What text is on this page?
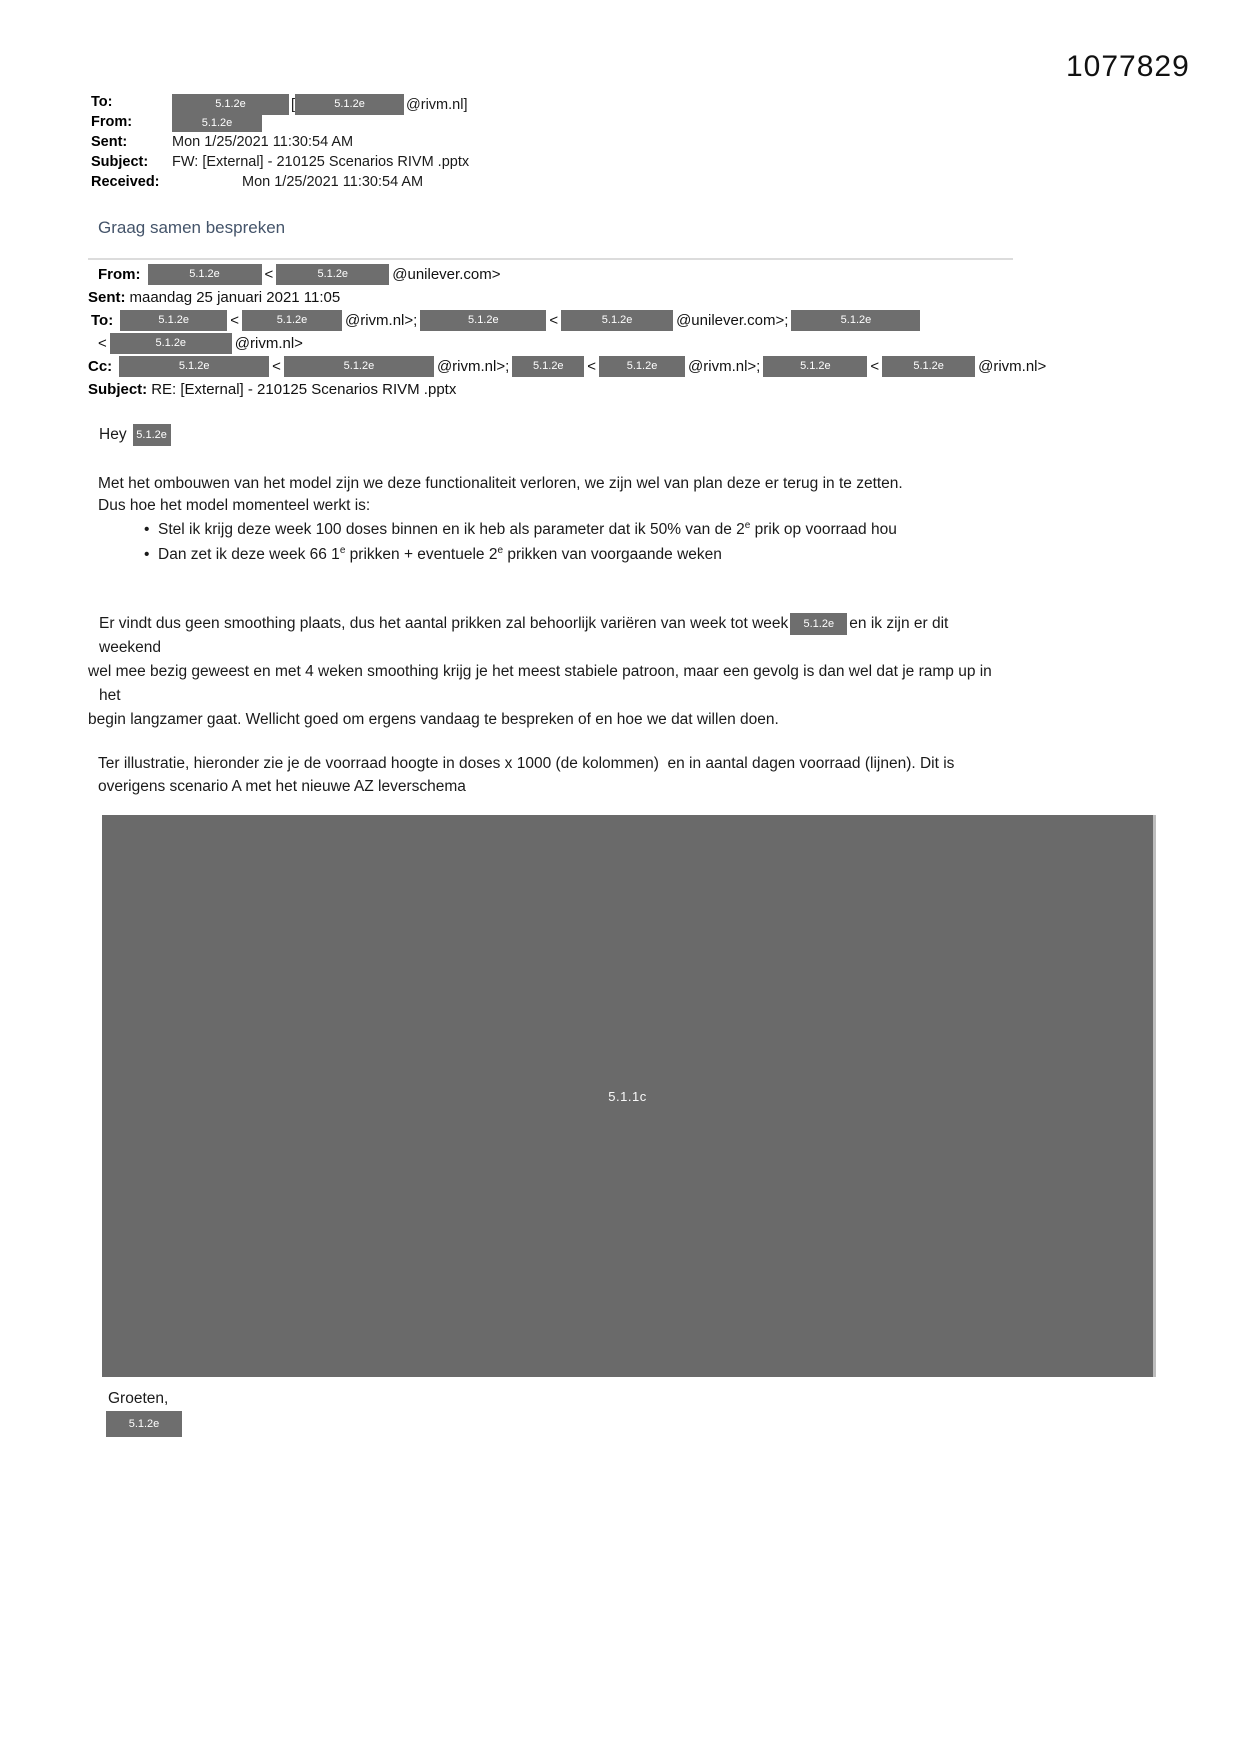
1077829
To:	5.1.2e	[	5.1.2e	@rivm.nl]
From:	5.1.2e
Sent:	Mon 1/25/2021 11:30:54 AM
Subject:	FW: [External] - 210125 Scenarios RIVM .pptx
Received:	Mon 1/25/2021 11:30:54 AM
Graag samen bespreken
From:	5.1.2e	<	5.1.2e	@unilever.com>
Sent: maandag 25 januari 2021 11:05
To:	5.1.2e	<	5.1.2e	@rivm.nl>;	5.1.2e	<	5.1.2e	@unilever.com>;	5.1.2e
<	5.1.2e	@rivm.nl>
Cc:	5.1.2e	<	5.1.2e	@rivm.nl>;	5.1.2e	<	5.1.2e	@rivm.nl>;	5.1.2e	<	5.1.2e	@rivm.nl>
Subject: RE: [External] - 210125 Scenarios RIVM .pptx
Hey 5.1.2e
Met het ombouwen van het model zijn we deze functionaliteit verloren, we zijn wel van plan deze er terug in te zetten.
Dus hoe het model momenteel werkt is:
• Stel ik krijg deze week 100 doses binnen en ik heb als parameter dat ik 50% van de 2e prik op voorraad hou
• Dan zet ik deze week 66 1e prikken + eventuele 2e prikken van voorgaande weken
Er vindt dus geen smoothing plaats, dus het aantal prikken zal behoorlijk variëren van week tot week	5.1.2e en ik zijn er dit
weekend
wel mee bezig geweest en met 4 weken smoothing krijg je het meest stabiele patroon, maar een gevolg is dan wel dat je ramp up in
het
begin langzamer gaat. Wellicht goed om ergens vandaag te bespreken of en hoe we dat willen doen.
Ter illustratie, hieronder zie je de voorraad hoogte in doses x 1000 (de kolommen)  en in aantal dagen voorraad (lijnen). Dit is
overigens scenario A met het nieuwe AZ leverschema
5.1.1c
Groeten,
5.1.2e
